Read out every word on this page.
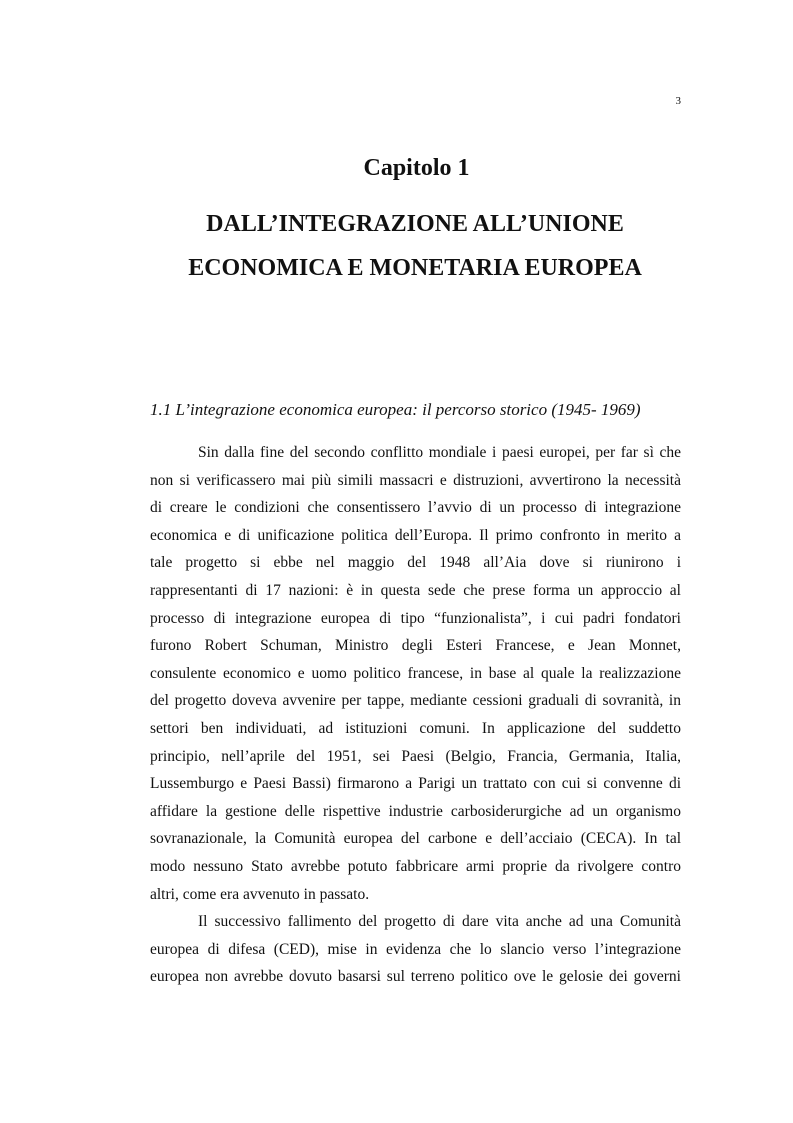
3
Capitolo 1
DALL’INTEGRAZIONE ALL’UNIONE
ECONOMICA E MONETARIA EUROPEA
1.1 L’integrazione economica europea: il percorso storico (1945- 1969)
Sin dalla fine del secondo conflitto mondiale i paesi europei, per far sì che
non si verificassero mai più simili massacri e distruzioni, avvertirono la necessità
di creare le condizioni che consentissero l’avvio di un processo di integrazione
economica e di unificazione politica dell’Europa. Il primo confronto in merito a
tale progetto si ebbe nel maggio del 1948 all’Aia dove si riunirono i
rappresentanti di 17 nazioni: è in questa sede che prese forma un approccio al
processo di integrazione europea di tipo “funzionalista”, i cui padri fondatori
furono Robert Schuman, Ministro degli Esteri Francese, e Jean Monnet,
consulente economico e uomo politico francese, in base al quale la realizzazione
del progetto doveva avvenire per tappe, mediante cessioni graduali di sovranità, in
settori ben individuati, ad istituzioni comuni. In applicazione del suddetto
principio, nell’aprile del 1951, sei Paesi (Belgio, Francia, Germania, Italia,
Lussemburgo e Paesi Bassi) firmarono a Parigi un trattato con cui si convenne di
affidare la gestione delle rispettive industrie carbosiderurgiche ad un organismo
sovranazionale, la Comunità europea del carbone e dell’acciaio (CECA). In tal
modo nessuno Stato avrebbe potuto fabbricare armi proprie da rivolgere contro
altri, come era avvenuto in passato.
Il successivo fallimento del progetto di dare vita anche ad una Comunità
europea di difesa (CED), mise in evidenza che lo slancio verso l’integrazione
europea non avrebbe dovuto basarsi sul terreno politico ove le gelosie dei governi
